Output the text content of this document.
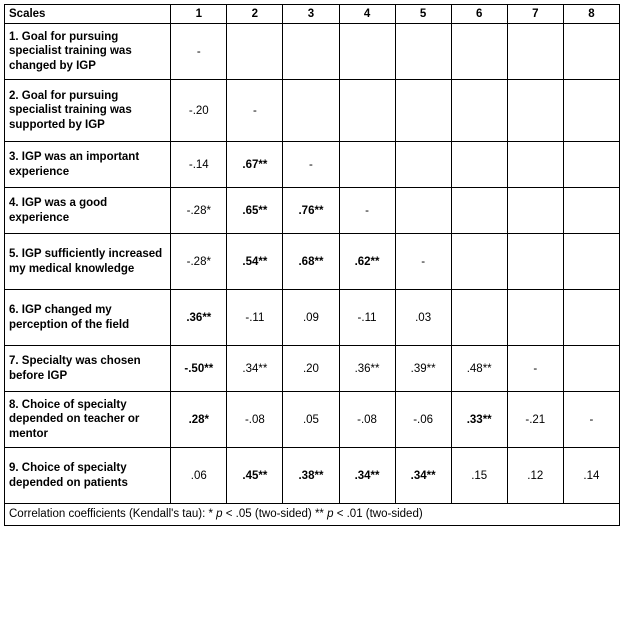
Scales	1	2	3	4	5	6	7	8
1. Goal for pursuing specialist training was changed by IGP	-							
2. Goal for pursuing specialist training was supported by IGP	-.20	-						
3. IGP was an important experience	-.14	.67**	-					
4. IGP was a good experience	-.28*	.65**	.76**	-				
5. IGP sufficiently increased my medical knowledge	-.28*	.54**	.68**	.62**	-			
6. IGP changed my perception of the field	.36**	-.11	.09	-.11	.03			
7. Specialty was chosen before IGP	-.50**	.34**	.20	.36**	.39**	.48**	-	
8. Choice of specialty depended on teacher or mentor	.28*	-.08	.05	-.08	-.06	.33**	-.21	-
9. Choice of specialty depended on patients	.06	.45**	.38**	.34**	.34**	.15	.12	.14
Correlation coefficients (Kendall's tau): * p < .05 (two-sided) ** p < .01 (two-sided)								
